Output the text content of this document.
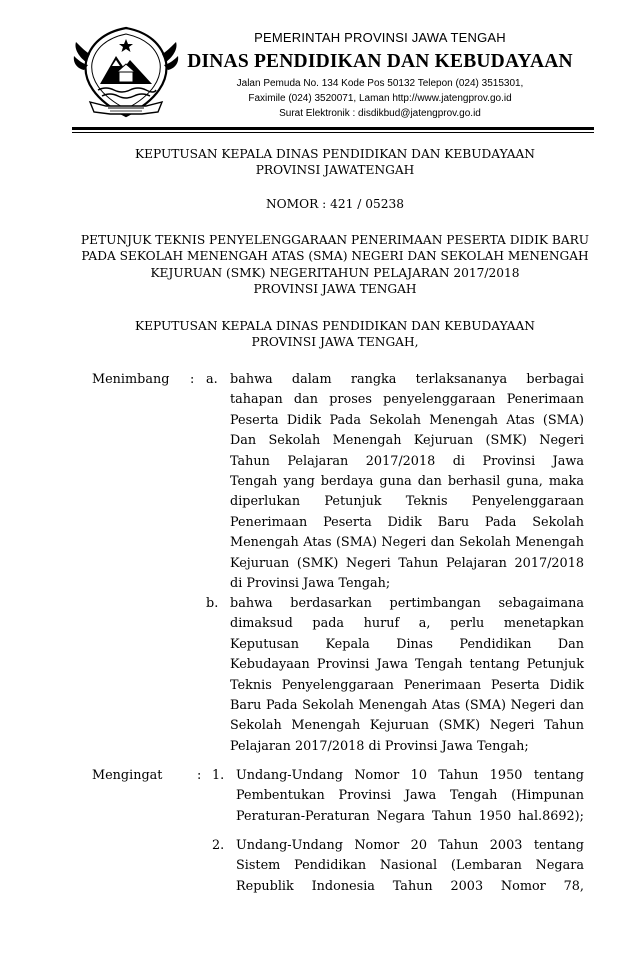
PEMERINTAH PROVINSI JAWA TENGAH
DINAS PENDIDIKAN DAN KEBUDAYAAN
Jalan Pemuda No. 134 Kode Pos 50132 Telepon (024) 3515301,
Faximile (024) 3520071, Laman http://www.jatengprov.go.id
Surat Elektronik : disdikbud@jatengprov.go.id
KEPUTUSAN KEPALA DINAS PENDIDIKAN DAN KEBUDAYAAN
PROVINSI JAWATENGAH
NOMOR : 421 / 05238
PETUNJUK TEKNIS PENYELENGGARAAN PENERIMAAN PESERTA DIDIK BARU
PADA SEKOLAH MENENGAH ATAS (SMA) NEGERI DAN SEKOLAH MENENGAH
KEJURUAN (SMK) NEGERITAHUN PELAJARAN 2017/2018
PROVINSI JAWA TENGAH
KEPUTUSAN KEPALA DINAS PENDIDIKAN DAN KEBUDAYAAN
PROVINSI JAWA TENGAH,
Menimbang : a. bahwa dalam rangka terlaksananya berbagai
tahapan dan proses penyelenggaraan Penerimaan
Peserta Didik Pada Sekolah Menengah Atas (SMA)
Dan Sekolah Menengah Kejuruan (SMK) Negeri
Tahun Pelajaran 2017/2018 di Provinsi Jawa
Tengah yang berdaya guna dan berhasil guna, maka
diperlukan Petunjuk Teknis Penyelenggaraan
Penerimaan Peserta Didik Baru Pada Sekolah
Menengah Atas (SMA) Negeri dan Sekolah Menengah
Kejuruan (SMK) Negeri Tahun Pelajaran 2017/2018
di Provinsi Jawa Tengah;
b. bahwa berdasarkan pertimbangan sebagaimana
dimaksud pada huruf a, perlu menetapkan
Keputusan Kepala Dinas Pendidikan Dan
Kebudayaan Provinsi Jawa Tengah tentang Petunjuk
Teknis Penyelenggaraan Penerimaan Peserta Didik
Baru Pada Sekolah Menengah Atas (SMA) Negeri dan
Sekolah Menengah Kejuruan (SMK) Negeri Tahun
Pelajaran 2017/2018 di Provinsi Jawa Tengah;
Mengingat	: 1. Undang-Undang Nomor 10 Tahun 1950 tentang
Pembentukan Provinsi Jawa Tengah (Himpunan
Peraturan-Peraturan Negara Tahun 1950 hal.8692);
2. Undang-Undang Nomor 20 Tahun 2003 tentang
Sistem Pendidikan Nasional (Lembaran Negara
Republik Indonesia Tahun 2003 Nomor 78,
